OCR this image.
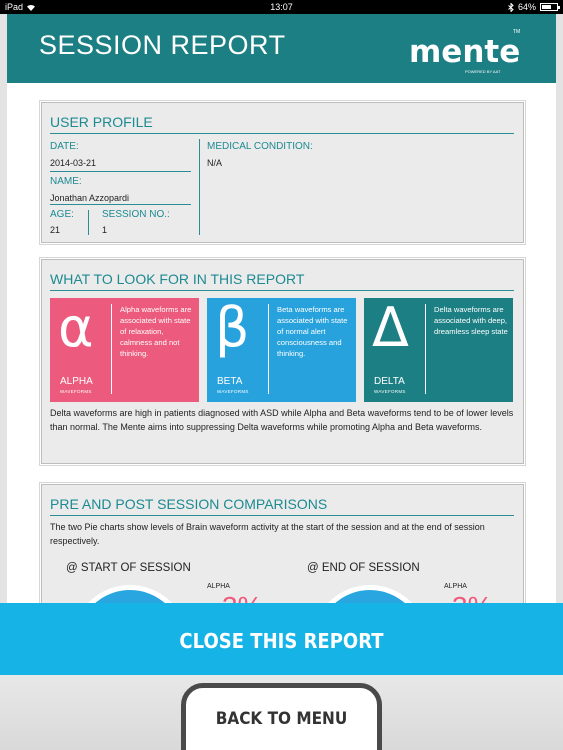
iPad	13:07	64%
SESSION REPORT	mente
TM
POWERED BY AAT
USER PROFILE
DATE:
2014-03-21
NAME:
Jonathan Azzopardi
AGE:
21
SESSION NO.:
1
MEDICAL CONDITION:
N/A
WHAT TO LOOK FOR IN THIS REPORT
α	Alpha waveforms are associated with state of relaxation, calmness and not thinking.
ALPHA
WAVEFORMS
β	Beta waveforms are associated with state of normal alert consciousness and thinking.
BETA
WAVEFORMS
Δ	Delta waveforms are associated with deep, dreamless sleep state
DELTA
WAVEFORMS
Delta waveforms are high in patients diagnosed with ASD while Alpha and Beta waveforms tend to be of lower levels than normal. The Mente aims into suppressing Delta waveforms while promoting Alpha and Beta waveforms.
PRE AND POST SESSION COMPARISONS
The two Pie charts show levels of Brain waveform activity at the start of the session and at the end of session respectively.
@ START OF SESSION
ALPHA
@ END OF SESSION
ALPHA
CLOSE THIS REPORT
BACK TO MENU
